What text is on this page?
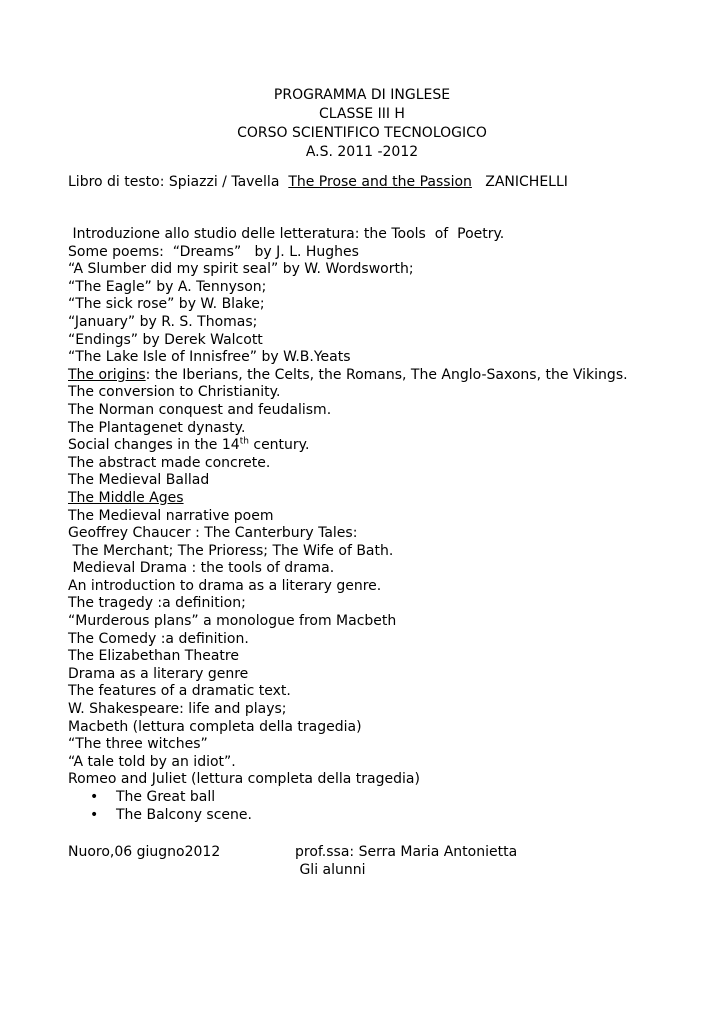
PROGRAMMA DI INGLESE
CLASSE III H
CORSO SCIENTIFICO TECNOLOGICO
A.S. 2011 -2012
Libro di testo: Spiazzi / Tavella  The Prose and the Passion   ZANICHELLI
Introduzione allo studio delle letteratura: the Tools  of  Poetry.
Some poems:  “Dreams”   by J. L. Hughes
“A Slumber did my spirit seal” by W. Wordsworth;
“The Eagle” by A. Tennyson;
“The sick rose” by W. Blake;
“January” by R. S. Thomas;
“Endings” by Derek Walcott
“The Lake Isle of Innisfree” by W.B.Yeats
The origins: the Iberians, the Celts, the Romans, The Anglo-Saxons, the Vikings.
The conversion to Christianity.
The Norman conquest and feudalism.
The Plantagenet dynasty.
Social changes in the 14th century.
The abstract made concrete.
The Medieval Ballad
The Middle Ages
The Medieval narrative poem
Geoffrey Chaucer : The Canterbury Tales:
The Merchant; The Prioress; The Wife of Bath.
Medieval Drama : the tools of drama.
An introduction to drama as a literary genre.
The tragedy :a definition;
“Murderous plans” a monologue from Macbeth
The Comedy :a definition.
The Elizabethan Theatre
Drama as a literary genre
The features of a dramatic text.
W. Shakespeare: life and plays;
Macbeth (lettura completa della tragedia)
“The three witches”
“A tale told by an idiot”.
Romeo and Juliet (lettura completa della tragedia)
• The Great ball
• The Balcony scene.
Nuoro,06 giugno2012	prof.ssa: Serra Maria Antonietta
Gli alunni
